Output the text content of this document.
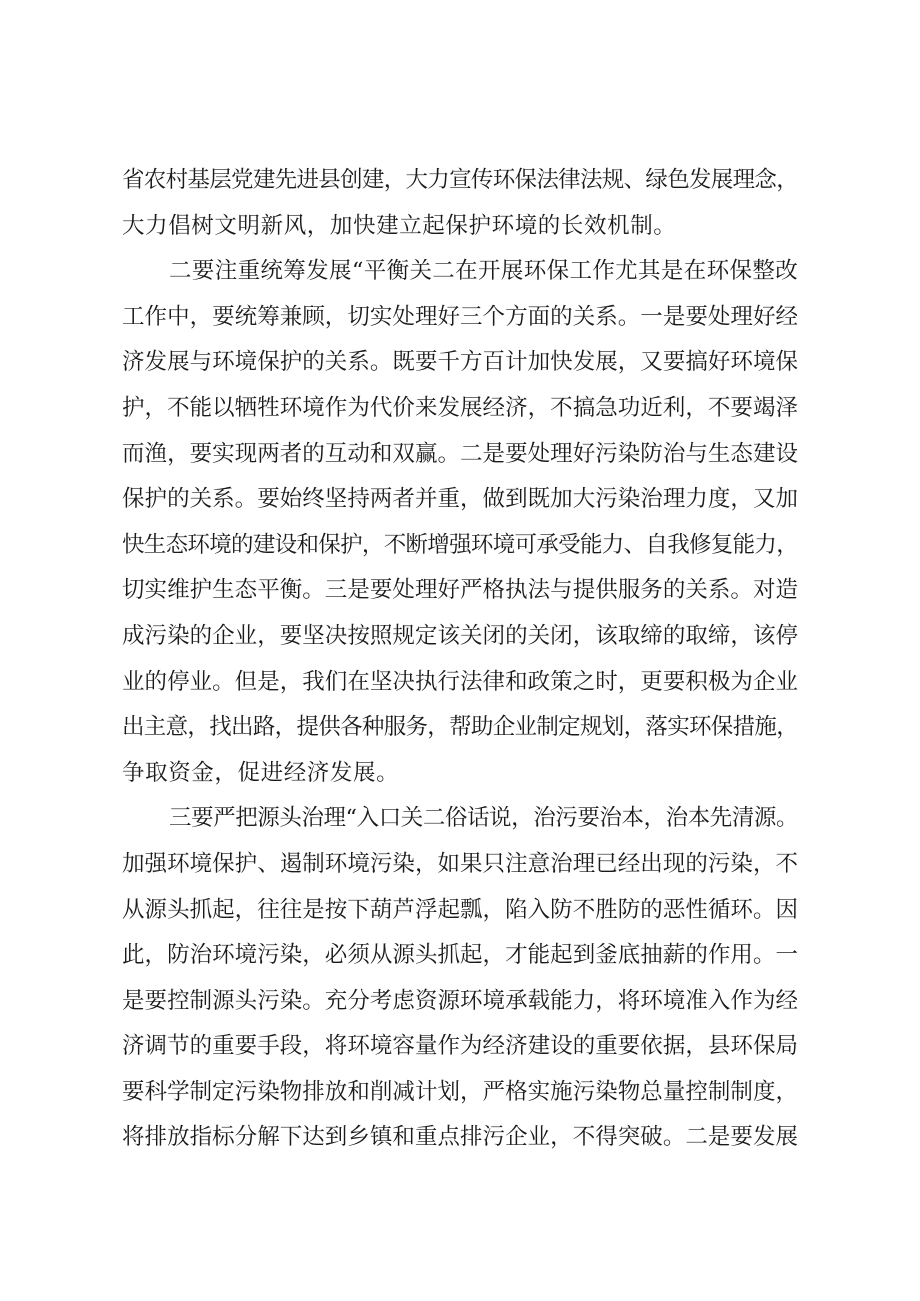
省农村基层党建先进县创建，大力宣传环保法律法规、绿色发展理念，
大力倡树文明新风，加快建立起保护环境的长效机制。

二要注重统筹发展“平衡关二在开展环保工作尤其是在环保整改
工作中，要统筹兼顾，切实处理好三个方面的关系。一是要处理好经
济发展与环境保护的关系。既要千方百计加快发展，又要搞好环境保
护，不能以牺牲环境作为代价来发展经济，不搞急功近利，不要竭泽
而渔，要实现两者的互动和双赢。二是要处理好污染防治与生态建设
保护的关系。要始终坚持两者并重，做到既加大污染治理力度，又加
快生态环境的建设和保护，不断增强环境可承受能力、自我修复能力，
切实维护生态平衡。三是要处理好严格执法与提供服务的关系。对造
成污染的企业，要坚决按照规定该关闭的关闭，该取缔的取缔，该停
业的停业。但是，我们在坚决执行法律和政策之时，更要积极为企业
出主意，找出路，提供各种服务，帮助企业制定规划，落实环保措施，
争取资金，促进经济发展。

三要严把源头治理“入口关二俗话说，治污要治本，治本先清源。
加强环境保护、遏制环境污染，如果只注意治理已经出现的污染，不
从源头抓起，往往是按下葫芦浮起瓢，陷入防不胜防的恶性循环。因
此，防治环境污染，必须从源头抓起，才能起到釜底抽薪的作用。一
是要控制源头污染。充分考虑资源环境承载能力，将环境准入作为经
济调节的重要手段，将环境容量作为经济建设的重要依据，县环保局
要科学制定污染物排放和削减计划，严格实施污染物总量控制制度，
将排放指标分解下达到乡镇和重点排污企业，不得突破。二是要发展
